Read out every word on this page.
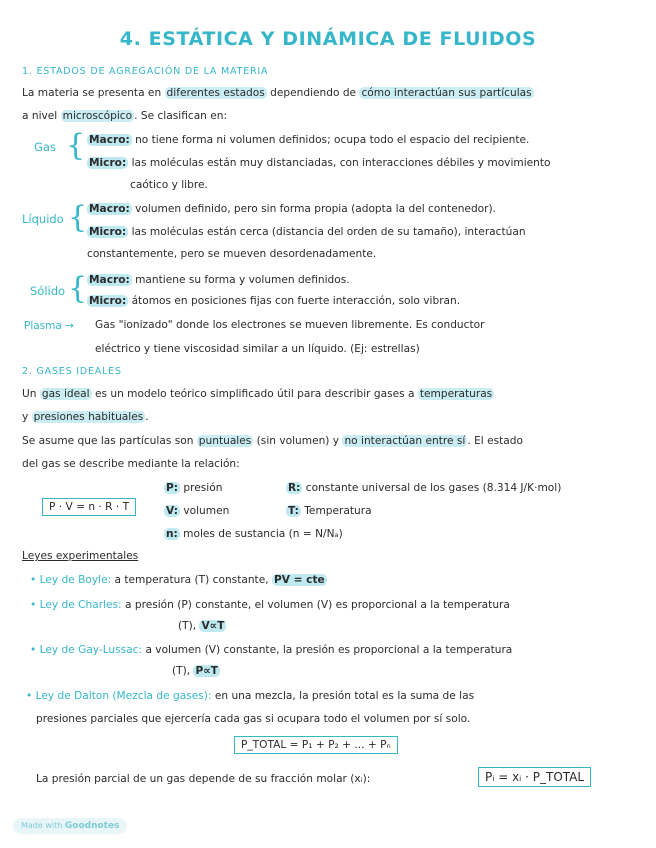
4. ESTÁTICA Y DINÁMICA DE FLUIDOS
1. ESTADOS DE AGREGACIÓN DE LA MATERIA
La materia se presenta en diferentes estados dependiendo de cómo interactúan sus partículas
a nivel microscópico . Se clasifican en:
Gas { Macro: no tiene forma ni volumen definidos; ocupa todo el espacio del recipiente.
Micro: las moléculas están muy distanciadas, con interacciones débiles y movimiento
caótico y libre.
Líquido { Macro: volumen definido, pero sin forma propia (adopta la del contenedor).
Micro: las moléculas están cerca (distancia del orden de su tamaño), interactúan
constantemente, pero se mueven desordenadamente.
Sólido { Macro: mantiene su forma y volumen definidos.
Micro: átomos en posiciones fijas con fuerte interacción, solo vibran.
Plasma → Gas "ionizado" donde los electrones se mueven libremente. Es conductor
eléctrico y tiene viscosidad similar a un líquido. (Ej: estrellas)
2. GASES IDEALES
Un gas ideal es un modelo teórico simplificado útil para describir gases a temperaturas
y presiones habituales .
Se asume que las partículas son puntuales (sin volumen) y no interactúan entre sí . El estado
del gas se describe mediante la relación:
P · V = n · R · T
P: presión
V: volumen
n: moles de sustancia (n = N/Nₐ)
R: constante universal de los gases (8.314 J/K·mol)
T: Temperatura
Leyes experimentales
• Ley de Boyle: a temperatura (T) constante, PV = cte
• Ley de Charles: a presión (P) constante, el volumen (V) es proporcional a la temperatura
(T), V∝T
• Ley de Gay-Lussac: a volumen (V) constante, la presión es proporcional a la temperatura
(T), P∝T
• Ley de Dalton (Mezcla de gases): en una mezcla, la presión total es la suma de las
presiones parciales que ejercería cada gas si ocupara todo el volumen por sí solo.
P_TOTAL = P₁ + P₂ + ... + Pₙ
La presión parcial de un gas depende de su fracción molar (xᵢ):	Pᵢ = xᵢ · P_TOTAL
Made with Goodnotes
